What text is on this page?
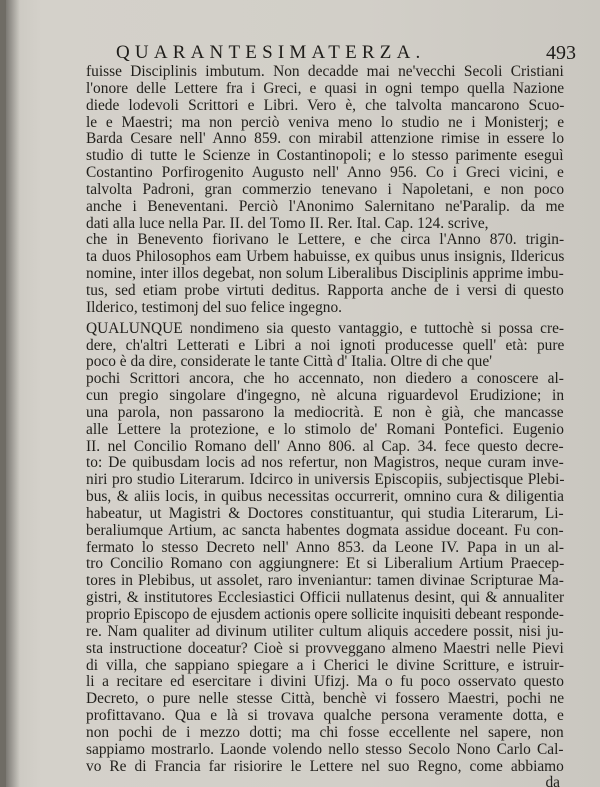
QUARANTESIMATERZA.	493
fuisse Disciplinis imbutum. Non decadde mai ne'vecchi Secoli Cristiani
l'onore delle Lettere fra i Greci, e quasi in ogni tempo quella Nazione
diede lodevoli Scrittori e Libri. Vero è, che talvolta mancarono Scuo-
le e Maestri; ma non perciò veniva meno lo studio ne i Monisterj; e
Barda Cesare nell' Anno 859. con mirabil attenzione rimise in essere lo
studio di tutte le Scienze in Costantinopoli; e lo stesso parimente eseguì
Costantino Porfirogenito Augusto nell' Anno 956. Co i Greci vicini, e
talvolta Padroni, gran commerzio tenevano i Napoletani, e non poco
anche i Beneventani. Perciò l'Anonimo Salernitano ne'Paralip. da me
dati alla luce nella Par. II. del Tomo II. Rer. Ital. Cap. 124. scrive,
che in Benevento fiorivano le Lettere, e che circa l'Anno 870. trigin-
ta duos Philosophos eam Urbem habuisse, ex quibus unus insignis, Ildericus
nomine, inter illos degebat, non solum Liberalibus Disciplinis apprime imbu-
tus, sed etiam probe virtuti deditus. Rapporta anche de i versi di questo
Ilderico, testimonj del suo felice ingegno.
QUALUNQUE nondimeno sia questo vantaggio, e tuttochè si possa cre-
dere, ch'altri Letterati e Libri a noi ignoti producesse quell' età: pure
poco è da dire, considerate le tante Città d' Italia. Oltre di che que'
pochi Scrittori ancora, che ho accennato, non diedero a conoscere al-
cun pregio singolare d'ingegno, nè alcuna riguardevol Erudizione; in
una parola, non passarono la mediocrità. E non è già, che mancasse
alle Lettere la protezione, e lo stimolo de' Romani Pontefici. Eugenio
II. nel Concilio Romano dell' Anno 806. al Cap. 34. fece questo decre-
to: De quibusdam locis ad nos refertur, non Magistros, neque curam inve-
niri pro studio Literarum. Idcirco in universis Episcopiis, subjectisque Plebi-
bus, & aliis locis, in quibus necessitas occurrerit, omnino cura & diligentia
habeatur, ut Magistri & Doctores constituantur, qui studia Literarum, Li-
beraliumque Artium, ac sancta habentes dogmata assidue doceant. Fu con-
fermato lo stesso Decreto nell' Anno 853. da Leone IV. Papa in un al-
tro Concilio Romano con aggiungnere: Et si Liberalium Artium Praecep-
tores in Plebibus, ut assolet, raro inveniantur: tamen divinae Scripturae Ma-
gistri, & institutores Ecclesiastici Officii nullatenus desint, qui & annualiter
proprio Episcopo de ejusdem actionis opere sollicite inquisiti debeant responde-
re. Nam qualiter ad divinum utiliter cultum aliquis accedere possit, nisi ju-
sta instructione doceatur? Cioè si provveggano almeno Maestri nelle Pievi
di villa, che sappiano spiegare a i Cherici le divine Scritture, e istruir-
li a recitare ed esercitare i divini Ufizj. Ma o fu poco osservato questo
Decreto, o pure nelle stesse Città, benchè vi fossero Maestri, pochi ne
profittavano. Qua e là si trovava qualche persona veramente dotta, e
non pochi de i mezzo dotti; ma chi fosse eccellente nel sapere, non
sappiamo mostrarlo. Laonde volendo nello stesso Secolo Nono Carlo Cal-
vo Re di Francia far risiorire le Lettere nel suo Regno, come abbiamo
da
